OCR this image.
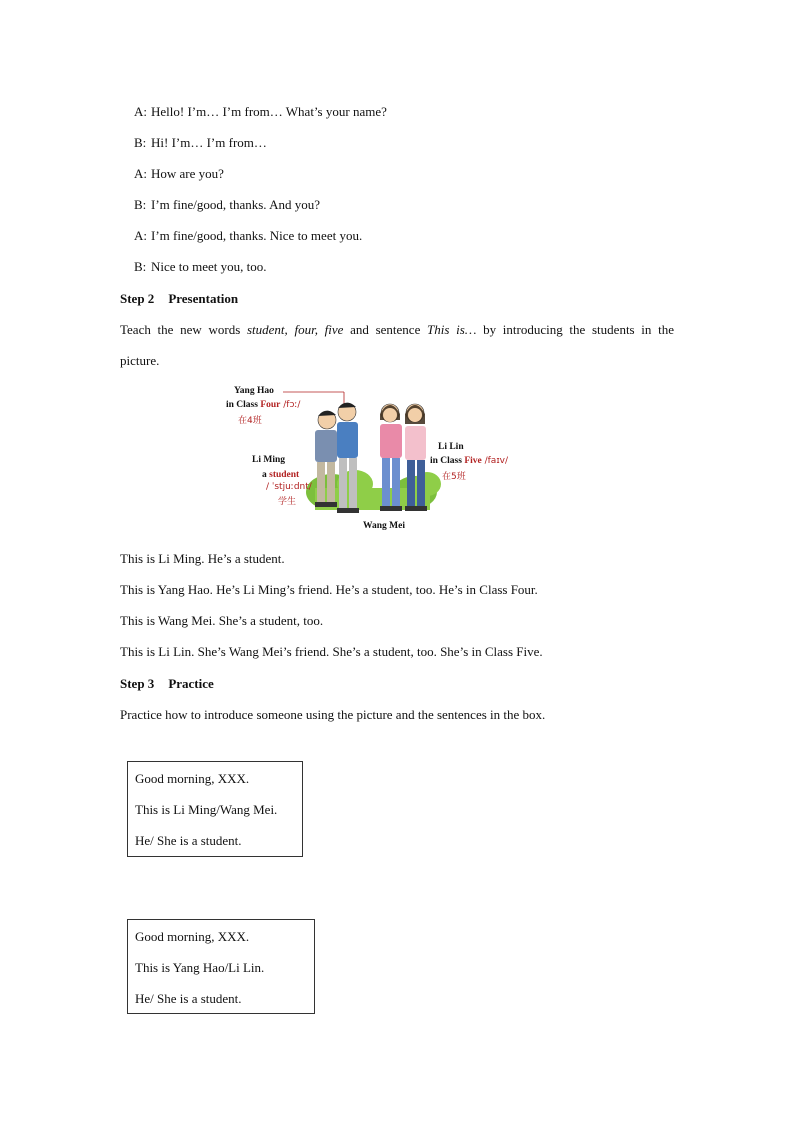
A: Hello! I’m… I’m from… What’s your name?
B: Hi! I’m… I’m from…
A: How are you?
B: I’m fine/good, thanks. And you?
A: I’m fine/good, thanks. Nice to meet you.
B: Nice to meet you, too.
Step 2 Presentation
Teach the new words student, four, five and sentence This is… by introducing the students in the
picture.
Yang Hao
in Class Four /fɔː/
在4班
Li Ming
a student
/ ˈstjuːdnt/
学生
Li Lin
in Class Five /faɪv/
在5班
Wang Mei
This is Li Ming. He’s a student.
This is Yang Hao. He’s Li Ming’s friend. He’s a student, too. He’s in Class Four.
This is Wang Mei. She’s a student, too.
This is Li Lin. She’s Wang Mei’s friend. She’s a student, too. She’s in Class Five.
Step 3 Practice
Practice how to introduce someone using the picture and the sentences in the box.
Good morning, XXX.
This is Li Ming/Wang Mei.
He/ She is a student.
Good morning, XXX.
This is Yang Hao/Li Lin.
He/ She is a student.
